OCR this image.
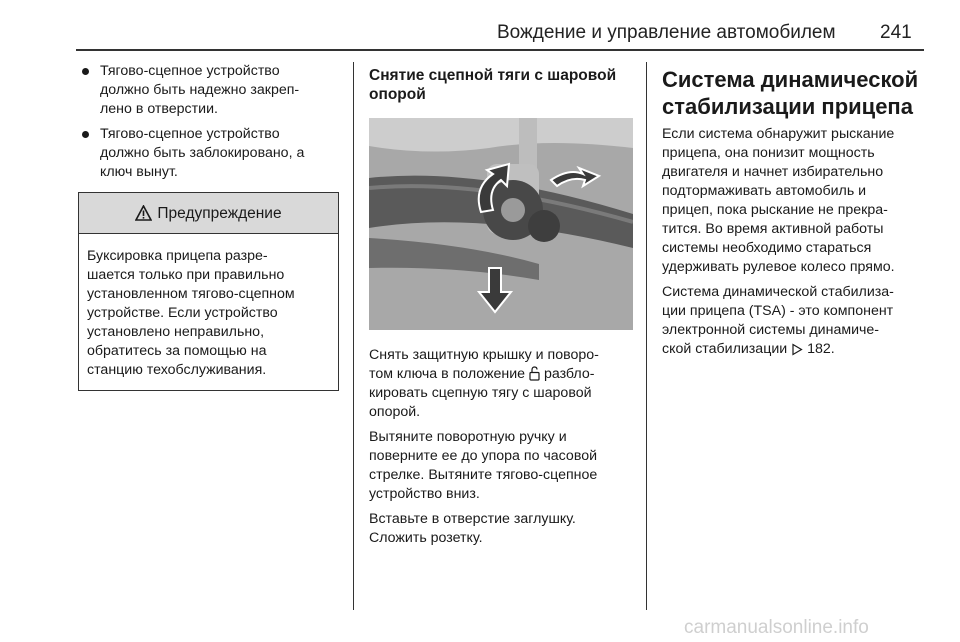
Вождение и управление автомобилем 241
Тягово-сцепное устройство
должно быть надежно закреп-
лено в отверстии.
Тягово-сцепное устройство
должно быть заблокировано, а
ключ вынут.
Предупреждение
Буксировка прицепа разре-
шается только при правильно
установленном тягово-сцепном
устройстве. Если устройство
установлено неправильно,
обратитесь за помощью на
станцию техобслуживания.
Снятие сцепной тяги с шаровой
опорой
Снять защитную крышку и поворо-
том ключа в положение разбло-
кировать сцепную тягу с шаровой
опорой.
Вытяните поворотную ручку и
поверните ее до упора по часовой
стрелке. Вытяните тягово-сцепное
устройство вниз.
Вставьте в отверстие заглушку.
Сложить розетку.
Система динамической
стабилизации прицепа
Если система обнаружит рыскание
прицепа, она понизит мощность
двигателя и начнет избирательно
подтормаживать автомобиль и
прицеп, пока рыскание не прекра-
тится. Во время активной работы
системы необходимо стараться
удерживать рулевое колесо прямо.
Система динамической стабилиза-
ции прицепа (TSA) - это компонент
электронной системы динамиче-
ской стабилизации 182.
carmanualsonline.info
